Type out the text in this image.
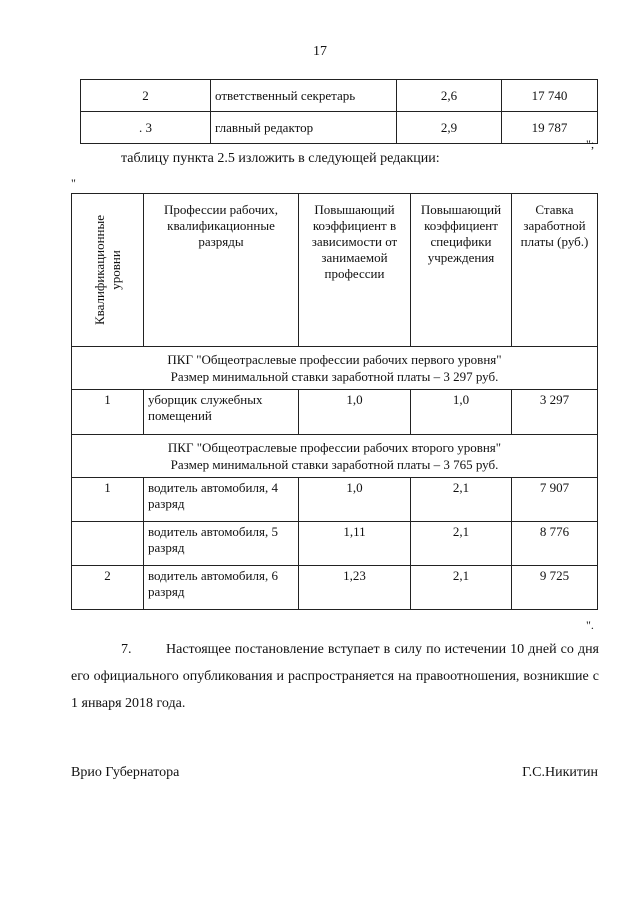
17
2	ответственный секретарь	2,6	17 740
. 3	главный редактор	2,9	19 787
";
таблицу пункта 2.5 изложить в следующей редакции:
"
Квалификационные уровни	Профессии рабочих, квалификационные разряды	Повышающий коэффициент в зависимости от занимаемой профессии	Повышающий коэффициент специфики учреждения	Ставка заработной платы (руб.)

ПКГ "Общеотраслевые профессии рабочих первого уровня"
Размер минимальной ставки заработной платы – 3 297 руб.				

1	уборщик служебных помещений	1,0	1,0	3 297

ПКГ "Общеотраслевые профессии рабочих второго уровня"
Размер минимальной ставки заработной платы – 3 765 руб.				

1	водитель автомобиля, 4 разряд	1,0	2,1	7 907
	водитель автомобиля, 5 разряд	1,11	2,1	8 776
2	водитель автомобиля, 6 разряд	1,23	2,1	9 725
".
7. Настоящее постановление вступает в силу по истечении 10 дней со дня его официального опубликования и распространяется на правоотношения, возникшие с 1 января 2018 года.
Врио Губернатора	Г.С.Никитин
